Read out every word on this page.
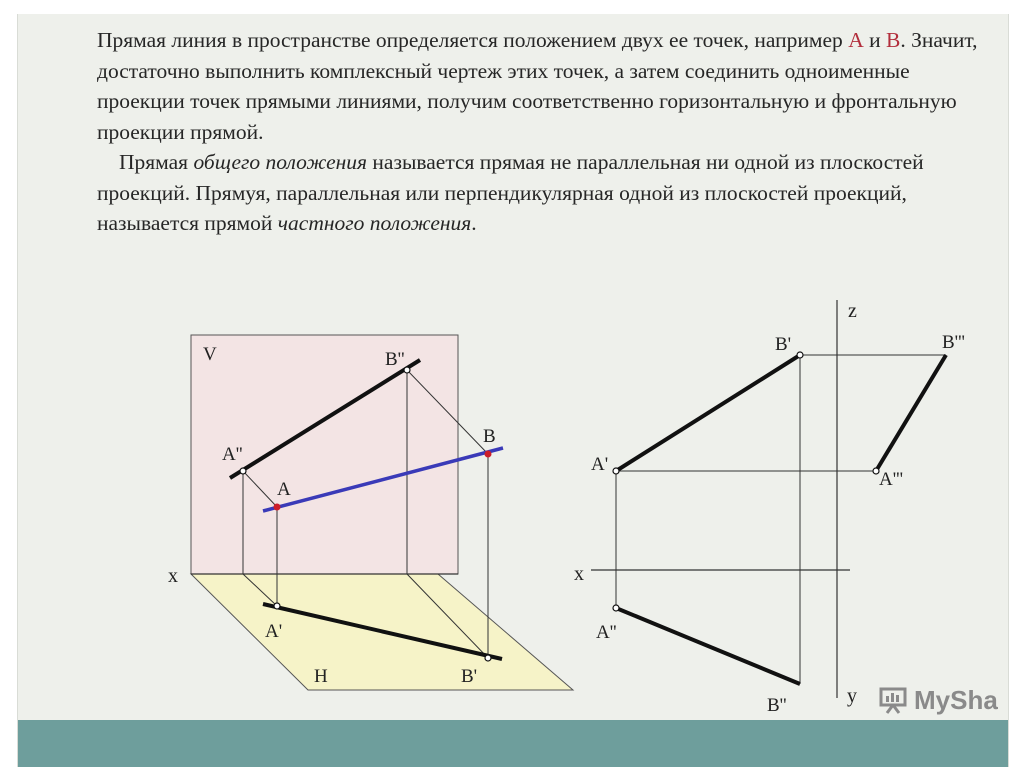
Прямая линия в пространстве определяется положением двух ее точек, например А и В. Значит, достаточно выполнить комплексный чертеж этих точек, а затем соединить одноименные проекции точек прямыми линиями, получим соответственно горизонтальную и фронтальную проекции прямой.

Прямая общего положения называется прямая не параллельная ни одной из плоскостей проекций. Прямуя, параллельная или перпендикулярная одной из плоскостей проекций, называется прямой частного положения.

V
H
x
B''
A''
B
A
A'
B'
z
x
y
B'	B'''
A'
A'''
A''
B''	MySha
